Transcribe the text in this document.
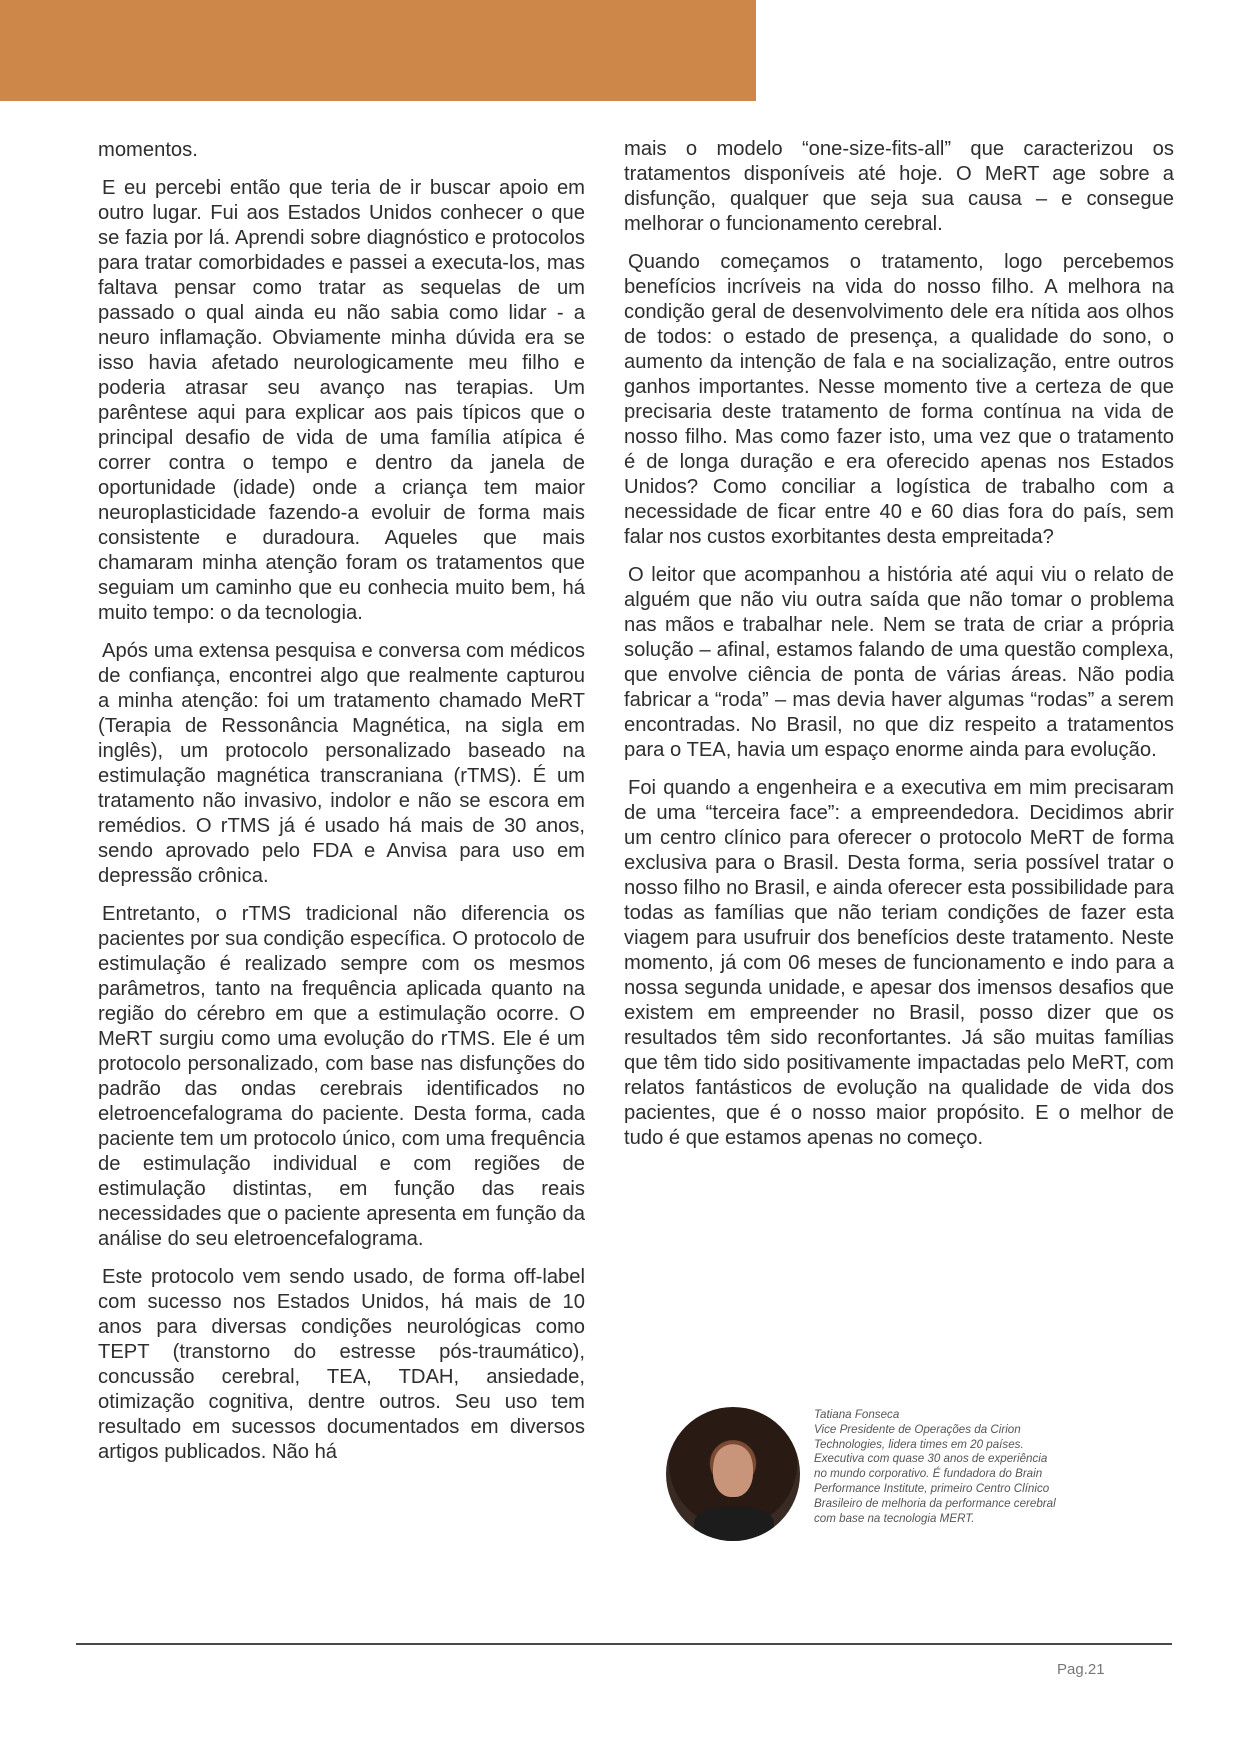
momentos.

E eu percebi então que teria de ir buscar apoio em outro lugar. Fui aos Estados Unidos conhecer o que se fazia por lá. Aprendi sobre diagnóstico e protocolos para tratar comorbidades e passei a executa-los, mas faltava pensar como tratar as sequelas de um passado o qual ainda eu não sabia como lidar - a neuro inflamação. Obviamente minha dúvida era se isso havia afetado neurologicamente meu filho e poderia atrasar seu avanço nas terapias. Um parêntese aqui para explicar aos pais típicos que o principal desafio de vida de uma família atípica é correr contra o tempo e dentro da janela de oportunidade (idade) onde a criança tem maior neuroplasticidade fazendo-a evoluir de forma mais consistente e duradoura. Aqueles que mais chamaram minha atenção foram os tratamentos que seguiam um caminho que eu conhecia muito bem, há muito tempo: o da tecnologia.

Após uma extensa pesquisa e conversa com médicos de confiança, encontrei algo que realmente capturou a minha atenção: foi um tratamento chamado MeRT (Terapia de Ressonância Magnética, na sigla em inglês), um protocolo personalizado baseado na estimulação magnética transcraniana (rTMS). É um tratamento não invasivo, indolor e não se escora em remédios. O rTMS já é usado há mais de 30 anos, sendo aprovado pelo FDA e Anvisa para uso em depressão crônica.

Entretanto, o rTMS tradicional não diferencia os pacientes por sua condição específica. O protocolo de estimulação é realizado sempre com os mesmos parâmetros, tanto na frequência aplicada quanto na região do cérebro em que a estimulação ocorre. O MeRT surgiu como uma evolução do rTMS. Ele é um protocolo personalizado, com base nas disfunções do padrão das ondas cerebrais identificados no eletroencefalograma do paciente. Desta forma, cada paciente tem um protocolo único, com uma frequência de estimulação individual e com regiões de estimulação distintas, em função das reais necessidades que o paciente apresenta em função da análise do seu eletroencefalograma.

Este protocolo vem sendo usado, de forma off-label com sucesso nos Estados Unidos, há mais de 10 anos para diversas condições neurológicas como TEPT (transtorno do estresse pós-traumático), concussão cerebral, TEA, TDAH, ansiedade, otimização cognitiva, dentre outros. Seu uso tem resultado em sucessos documentados em diversos artigos publicados. Não há

mais o modelo “one-size-fits-all” que caracterizou os tratamentos disponíveis até hoje. O MeRT age sobre a disfunção, qualquer que seja sua causa – e consegue melhorar o funcionamento cerebral.

Quando começamos o tratamento, logo percebemos benefícios incríveis na vida do nosso filho. A melhora na condição geral de desenvolvimento dele era nítida aos olhos de todos: o estado de presença, a qualidade do sono, o aumento da intenção de fala e na socialização, entre outros ganhos importantes. Nesse momento tive a certeza de que precisaria deste tratamento de forma contínua na vida de nosso filho. Mas como fazer isto, uma vez que o tratamento é de longa duração e era oferecido apenas nos Estados Unidos? Como conciliar a logística de trabalho com a necessidade de ficar entre 40 e 60 dias fora do país, sem falar nos custos exorbitantes desta empreitada?

O leitor que acompanhou a história até aqui viu o relato de alguém que não viu outra saída que não tomar o problema nas mãos e trabalhar nele. Nem se trata de criar a própria solução – afinal, estamos falando de uma questão complexa, que envolve ciência de ponta de várias áreas. Não podia fabricar a “roda” – mas devia haver algumas “rodas” a serem encontradas. No Brasil, no que diz respeito a tratamentos para o TEA, havia um espaço enorme ainda para evolução.

Foi quando a engenheira e a executiva em mim precisaram de uma “terceira face”: a empreendedora. Decidimos abrir um centro clínico para oferecer o protocolo MeRT de forma exclusiva para o Brasil. Desta forma, seria possível tratar o nosso filho no Brasil, e ainda oferecer esta possibilidade para todas as famílias que não teriam condições de fazer esta viagem para usufruir dos benefícios deste tratamento. Neste momento, já com 06 meses de funcionamento e indo para a nossa segunda unidade, e apesar dos imensos desafios que existem em empreender no Brasil, posso dizer que os resultados têm sido reconfortantes. Já são muitas famílias que têm tido sido positivamente impactadas pelo MeRT, com relatos fantásticos de evolução na qualidade de vida dos pacientes, que é o nosso maior propósito. E o melhor de tudo é que estamos apenas no começo.

Tatiana Fonseca
Vice Presidente de Operações da Cirion
Technologies, lidera times em 20 países.
Executiva com quase 30 anos de experiência
no mundo corporativo. É fundadora do Brain
Performance Institute, primeiro Centro Clínico
Brasileiro de melhoria da performance cerebral
com base na tecnologia MERT.
Pag.21
